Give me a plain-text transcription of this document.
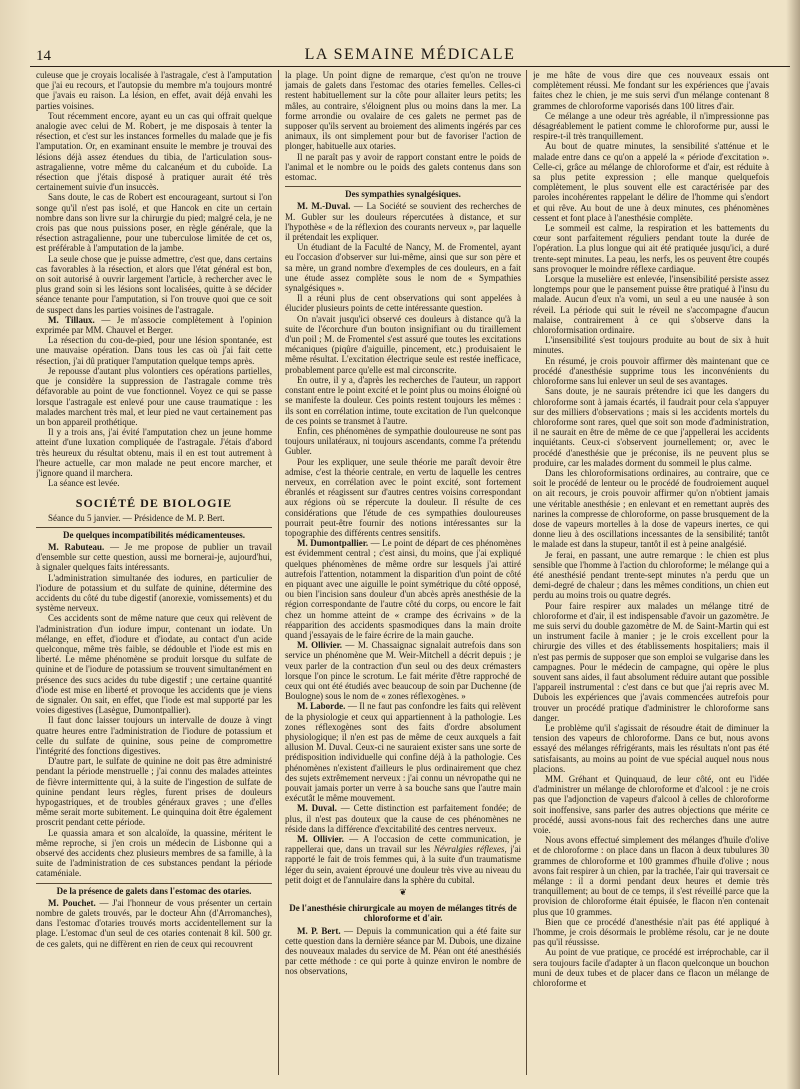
14	LA SEMAINE MÉDICALE

culeuse que je croyais localisée à l'astragale, c'est à l'amputation que j'ai eu recours, et l'autopsie du membre m'a toujours montré que j'avais eu raison. La lésion, en effet, avait déjà envahi les parties voisines.

Tout récemment encore, ayant eu un cas qui offrait quelque analogie avec celui de M. Robert, je me disposais à tenter la résection, et c'est sur les instances formelles du malade que je fis l'amputation. Or, en examinant ensuite le membre je trouvai des lésions déjà assez étendues du tibia, de l'articulation sous-astragalienne, votre même du calcanéum et du cuboïde. La résection que j'étais disposé à pratiquer aurait été très certainement suivie d'un insuccès.

Sans doute, le cas de Robert est encourageant, surtout si l'on songe qu'il n'est pas isolé, et que Hancok en cite un certain nombre dans son livre sur la chirurgie du pied; malgré cela, je ne crois pas que nous puissions poser, en règle générale, que la résection astragalienne, pour une tuberculose limitée de cet os, est préférable à l'amputation de la jambe.

La seule chose que je puisse admettre, c'est que, dans certains cas favorables à la résection, et alors que l'état général est bon, on soit autorisé à ouvrir largement l'article, à rechercher avec le plus grand soin si les lésions sont localisées, quitte à se décider séance tenante pour l'amputation, si l'on trouve quoi que ce soit de suspect dans les parties voisines de l'astragale.

M. Tillaux. — Je m'associe complètement à l'opinion exprimée par MM. Chauvel et Berger.

La résection du cou-de-pied, pour une lésion spontanée, est une mauvaise opération. Dans tous les cas où j'ai fait cette résection, j'ai dû pratiquer l'amputation quelque temps après.

Je repousse d'autant plus volontiers ces opérations partielles, que je considère la suppression de l'astragale comme très défavorable au point de vue fonctionnel. Voyez ce qui se passe lorsque l'astragale est enlevé pour une cause traumatique : les malades marchent très mal, et leur pied ne vaut certainement pas un bon appareil prothétique.

Il y a trois ans, j'ai évité l'amputation chez un jeune homme atteint d'une luxation compliquée de l'astragale. J'étais d'abord très heureux du résultat obtenu, mais il en est tout autrement à l'heure actuelle, car mon malade ne peut encore marcher, et j'ignore quand il marchera.

La séance est levée.

SOCIÉTÉ DE BIOLOGIE

Séance du 5 janvier. — Présidence de M. P. Bert.

De quelques incompatibilités médicamenteuses.

M. Rabuteau. — Je me propose de publier un travail d'ensemble sur cette question, aussi me bornerai-je, aujourd'hui, à signaler quelques faits intéressants.

L'administration simultanée des iodures, en particulier de l'iodure de potassium et du sulfate de quinine, détermine des accidents du côté du tube digestif (anorexie, vomissements) et du système nerveux.

Ces accidents sont de même nature que ceux qui relèvent de l'administration d'un iodure impur, contenant un iodate. Un mélange, en effet, d'iodure et d'iodate, au contact d'un acide quelconque, même très faible, se dédouble et l'iode est mis en liberté. Le même phénomène se produit lorsque du sulfate de quinine et de l'iodure de potassium se trouvent simultanément en présence des sucs acides du tube digestif ; une certaine quantité d'iode est mise en liberté et provoque les accidents que je viens de signaler. On sait, en effet, que l'iode est mal supporté par les voies digestives (Lasègue, Dumontpallier).

Il faut donc laisser toujours un intervalle de douze à vingt quatre heures entre l'administration de l'iodure de potassium et celle du sulfate de quinine, sous peine de compromettre l'intégrité des fonctions digestives.

D'autre part, le sulfate de quinine ne doit pas être administré pendant la période menstruelle ; j'ai connu des malades atteintes de fièvre intermittente qui, à la suite de l'ingestion de sulfate de quinine pendant leurs règles, furent prises de douleurs hypogastriques, et de troubles généraux graves ; une d'elles même serait morte subitement. Le quinquina doit être également proscrit pendant cette période.

Le quassia amara et son alcaloïde, la quassine, méritent le même reproche, si j'en crois un médecin de Lisbonne qui a observé des accidents chez plusieurs membres de sa famille, à la suite de l'administration de ces substances pendant la période cataméniale.

De la présence de galets dans l'estomac des otaries.

M. Pouchet. — J'ai l'honneur de vous présenter un certain nombre de galets trouvés, par le docteur Ahn (d'Arromanches), dans l'estomac d'otaries trouvés morts accidentellement sur la plage. L'estomac d'un seul de ces otaries contenait 8 kil. 500 gr. de ces galets, qui ne diffèrent en rien de ceux qui recouvrent

la plage. Un point digne de remarque, c'est qu'on ne trouve jamais de galets dans l'estomac des otaries femelles. Celles-ci restent habituellement sur la côte pour allaiter leurs petits; les mâles, au contraire, s'éloignent plus ou moins dans la mer. La forme arrondie ou ovalaire de ces galets ne permet pas de supposer qu'ils servent au broiement des aliments ingérés par ces animaux, ils ont simplement pour but de favoriser l'action de plonger, habituelle aux otaries.

Il ne paraît pas y avoir de rapport constant entre le poids de l'animal et le nombre ou le poids des galets contenus dans son estomac.

Des sympathies synalgésiques.

M. M.-Duval. — La Société se souvient des recherches de M. Gubler sur les douleurs répercutées à distance, et sur l'hypothèse « de la réflexion des courants nerveux », par laquelle il prétendait les expliquer.

Un étudiant de la Faculté de Nancy, M. de Fromentel, ayant eu l'occasion d'observer sur lui-même, ainsi que sur son père et sa mère, un grand nombre d'exemples de ces douleurs, en a fait une étude assez complète sous le nom de « Sympathies synalgésiques ».

Il a réuni plus de cent observations qui sont appelées à élucider plusieurs points de cette intéressante question.

On n'avait jusqu'ici observé ces douleurs à distance qu'à la suite de l'écorchure d'un bouton insignifiant ou du tiraillement d'un poil ; M. de Fromentel s'est assuré que toutes les excitations mécaniques (piqûre d'aiguille, pincement, etc.) produisaient le même résultat. L'excitation électrique seule est restée inefficace, probablement parce qu'elle est mal circonscrite.

En outre, il y a, d'après les recherches de l'auteur, un rapport constant entre le point excité et le point plus ou moins éloigné où se manifeste la douleur. Ces points restent toujours les mêmes : ils sont en corrélation intime, toute excitation de l'un quelconque de ces points se transmet à l'autre.

Enfin, ces phénomènes de sympathie douloureuse ne sont pas toujours unilatéraux, ni toujours ascendants, comme l'a prétendu Gubler.

Pour les expliquer, une seule théorie me paraît devoir être admise, c'est la théorie centrale, en vertu de laquelle les centres nerveux, en corrélation avec le point excité, sont fortement ébranlés et réagissent sur d'autres centres voisins correspondant aux régions où se répercute la douleur. Il résulte de ces considérations que l'étude de ces sympathies douloureuses pourrait peut-être fournir des notions intéressantes sur la topographie des différents centres sensitifs.

M. Dumontpallier. — Le point de départ de ces phénomènes est évidemment central ; c'est ainsi, du moins, que j'ai expliqué quelques phénomènes de même ordre sur lesquels j'ai attiré autrefois l'attention, notamment la disparition d'un point de côté en piquant avec une aiguille le point symétrique du côté opposé, ou bien l'incision sans douleur d'un abcès après anesthésie de la région correspondante de l'autre côté du corps, ou encore le fait chez un homme atteint de « crampe des écrivains » de la réapparition des accidents spasmodiques dans la main droite quand j'essayais de le faire écrire de la main gauche.

M. Ollivier. — M. Chassaignac signalait autrefois dans son service un phénomène que M. Weir-Mitchell a décrit depuis ; je veux parler de la contraction d'un seul ou des deux crémasters lorsque l'on pince le scrotum. Le fait mérite d'être rapproché de ceux qui ont été étudiés avec beaucoup de soin par Duchenne (de Boulogne) sous le nom de « zones réflexogènes. »

M. Laborde. — Il ne faut pas confondre les faits qui relèvent de la physiologie et ceux qui appartiennent à la pathologie. Les zones réflexogènes sont des faits d'ordre absolument physiologique; il n'en est pas de même de ceux auxquels a fait allusion M. Duval. Ceux-ci ne sauraient exister sans une sorte de prédisposition individuelle qui confine déjà à la pathologie. Ces phénomènes n'existent d'ailleurs le plus ordinairement que chez des sujets extrêmement nerveux : j'ai connu un névropathe qui ne pouvait jamais porter un verre à sa bouche sans que l'autre main exécutât le même mouvement.

M. Duval. — Cette distinction est parfaitement fondée; de plus, il n'est pas douteux que la cause de ces phénomènes ne réside dans la différence d'excitabilité des centres nerveux.

M. Ollivier. — A l'occasion de cette communication, je rappellerai que, dans un travail sur les Névralgies réflexes, j'ai rapporté le fait de trois femmes qui, à la suite d'un traumatisme léger du sein, avaient éprouvé une douleur très vive au niveau du petit doigt et de l'annulaire dans la sphère du cubital.

❦
De l'anesthésie chirurgicale au moyen de mélanges titrés de chloroforme et d'air.

M. P. Bert. — Depuis la communication qui a été faite sur cette question dans la dernière séance par M. Dubois, une dizaine des nouveaux malades du service de M. Péan ont été anesthésiés par cette méthode : ce qui porte à quinze environ le nombre de nos observations,

je me hâte de vous dire que ces nouveaux essais ont complètement réussi. Me fondant sur les expériences que j'avais faites chez le chien, je me suis servi d'un mélange contenant 8 grammes de chloroforme vaporisés dans 100 litres d'air.

Ce mélange a une odeur très agréable, il n'impressionne pas désagréablement le patient comme le chloroforme pur, aussi le respire-t-il très tranquillement.

Au bout de quatre minutes, la sensibilité s'atténue et le malade entre dans ce qu'on a appelé la « période d'excitation ». Celle-ci, grâce au mélange de chloroforme et d'air, est réduite à sa plus petite expression ; elle manque quelquefois complètement, le plus souvent elle est caractérisée par des paroles incohérentes rappelant le délire de l'homme qui s'endort et qui rêve. Au bout de une à deux minutes, ces phénomènes cessent et font place à l'anesthésie complète.

Le sommeil est calme, la respiration et les battements du cœur sont parfaitement réguliers pendant toute la durée de l'opération. La plus longue qui ait été pratiquée jusqu'ici, a duré trente-sept minutes. La peau, les nerfs, les os peuvent être coupés sans provoquer le moindre réflexe cardiaque.

Lorsque la muselière est enlevée, l'insensibilité persiste assez longtemps pour que le pansement puisse être pratiqué à l'insu du malade. Aucun d'eux n'a vomi, un seul a eu une nausée à son réveil. La période qui suit le réveil ne s'accompagne d'aucun malaise, contrairement à ce qui s'observe dans la chloroformisation ordinaire.

L'insensibilité s'est toujours produite au bout de six à huit minutes.

En résumé, je crois pouvoir affirmer dès maintenant que ce procédé d'anesthésie supprime tous les inconvénients du chloroforme sans lui enlever un seul de ses avantages.

Sans doute, je ne saurais prétendre ici que les dangers du chloroforme sont à jamais écartés, il faudrait pour cela s'appuyer sur des milliers d'observations ; mais si les accidents mortels du chloroforme sont rares, quel que soit son mode d'administration, il ne saurait en être de même de ce que j'appellerai les accidents inquiétants. Ceux-ci s'observent journellement; or, avec le procédé d'anesthésie que je préconise, ils ne peuvent plus se produire, car les malades dorment du sommeil le plus calme.

Dans les chloroformisations ordinaires, au contraire, que ce soit le procédé de lenteur ou le procédé de foudroiement auquel on ait recours, je crois pouvoir affirmer qu'on n'obtient jamais une véritable anesthésie ; en enlevant et en remettant auprès des narines la compresse de chloroforme, on passe brusquement de la dose de vapeurs mortelles à la dose de vapeurs inertes, ce qui donne lieu à des oscillations incessantes de la sensibilité; tantôt le malade est dans la stupeur, tantôt il est à peine analgésié.

Je ferai, en passant, une autre remarque : le chien est plus sensible que l'homme à l'action du chloroforme; le mélange qui a été anesthésié pendant trente-sept minutes n'a perdu que un demi-degré de chaleur ; dans les mêmes conditions, un chien eut perdu au moins trois ou quatre degrés.

Pour faire respirer aux malades un mélange titré de chloroforme et d'air, il est indispensable d'avoir un gazomètre. Je me suis servi du double gazomètre de M. de Saint-Martin qui est un instrument facile à manier ; je le crois excellent pour la chirurgie des villes et des établissements hospitaliers; mais il n'est pas permis de supposer que son emploi se vulgarise dans les campagnes. Pour le médecin de campagne, qui opère le plus souvent sans aides, il faut absolument réduire autant que possible l'appareil instrumental : c'est dans ce but que j'ai repris avec M. Dubois les expériences que j'avais commencées autrefois pour trouver un procédé pratique d'administrer le chloroforme sans danger.

Le problème qu'il s'agissait de résoudre était de diminuer la tension des vapeurs de chloroforme. Dans ce but, nous avons essayé des mélanges réfrigérants, mais les résultats n'ont pas été satisfaisants, au moins au point de vue spécial auquel nous nous placions.

MM. Gréhant et Quinquaud, de leur côté, ont eu l'idée d'administrer un mélange de chloroforme et d'alcool : je ne crois pas que l'adjonction de vapeurs d'alcool à celles de chloroforme soit inoffensive, sans parler des autres objections que mérite ce procédé, aussi avons-nous fait des recherches dans une autre voie.

Nous avons effectué simplement des mélanges d'huile d'olive et de chloroforme : on place dans un flacon à deux tubulures 30 grammes de chloroforme et 100 grammes d'huile d'olive ; nous avons fait respirer à un chien, par la trachée, l'air qui traversait ce mélange : il a dormi pendant deux heures et demie très tranquillement; au bout de ce temps, il s'est réveillé parce que la provision de chloroforme était épuisée, le flacon n'en contenait plus que 10 grammes.

Bien que ce procédé d'anesthésie n'ait pas été appliqué à l'homme, je crois désormais le problème résolu, car je ne doute pas qu'il réussisse.

Au point de vue pratique, ce procédé est irréprochable, car il sera toujours facile d'adapter à un flacon quelconque un bouchon muni de deux tubes et de placer dans ce flacon un mélange de chloroforme et
